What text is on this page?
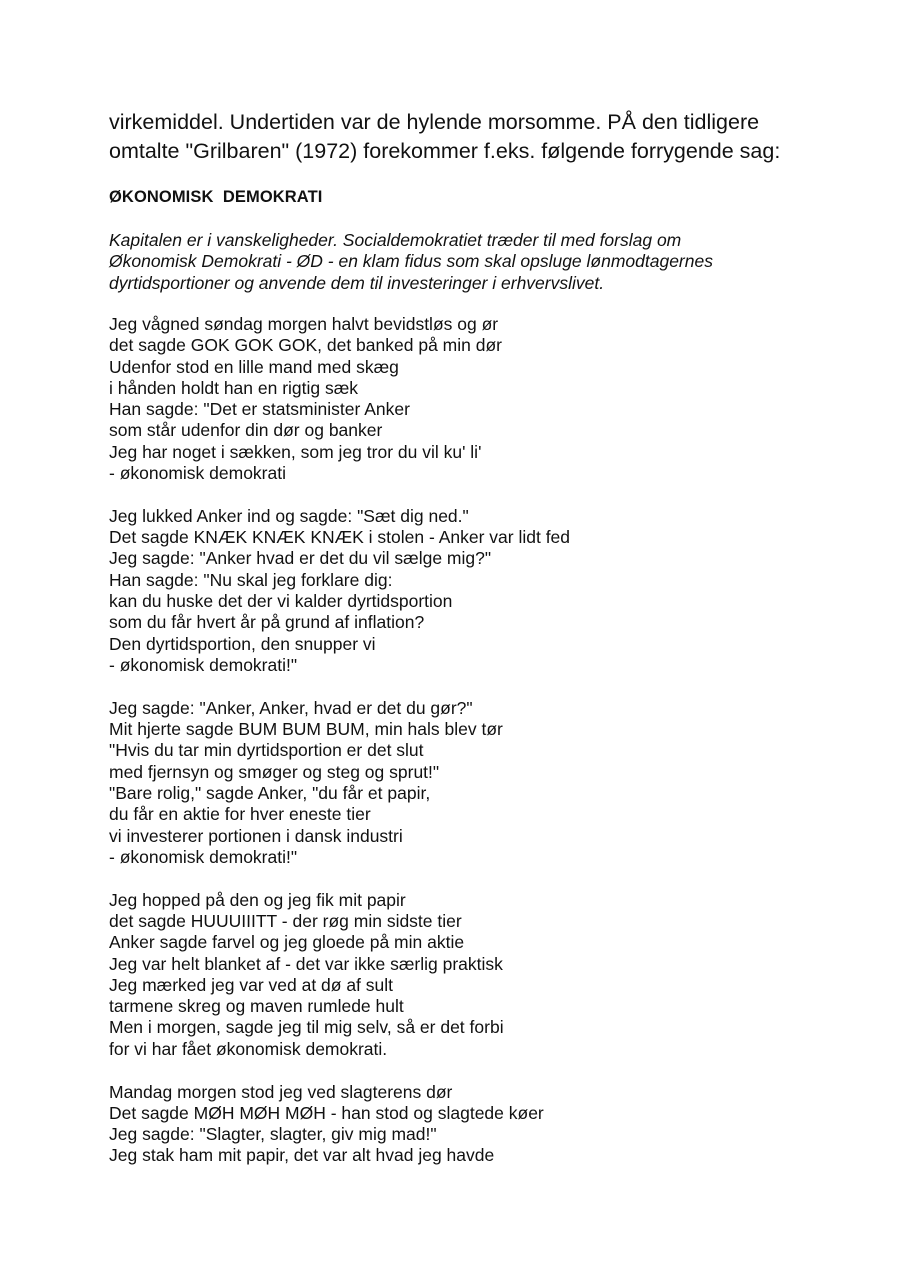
virkemiddel. Undertiden var de hylende morsomme. PÅ den tidligere
omtalte "Grilbaren" (1972) forekommer f.eks. følgende forrygende sag:

ØKONOMISK  DEMOKRATI

Kapitalen er i vanskeligheder. Socialdemokratiet træder til med forslag om
Økonomisk Demokrati - ØD - en klam fidus som skal opsluge lønmodtagernes
dyrtidsportioner og anvende dem til investeringer i erhvervslivet.

Jeg vågned søndag morgen halvt bevidstløs og ør
det sagde GOK GOK GOK, det banked på min dør
Udenfor stod en lille mand med skæg
i hånden holdt han en rigtig sæk
Han sagde: "Det er statsminister Anker
som står udenfor din dør og banker
Jeg har noget i sækken, som jeg tror du vil ku' li'
- økonomisk demokrati

Jeg lukked Anker ind og sagde: "Sæt dig ned."
Det sagde KNÆK KNÆK KNÆK i stolen - Anker var lidt fed
Jeg sagde: "Anker hvad er det du vil sælge mig?"
Han sagde: "Nu skal jeg forklare dig:
kan du huske det der vi kalder dyrtidsportion
som du får hvert år på grund af inflation?
Den dyrtidsportion, den snupper vi
- økonomisk demokrati!"

Jeg sagde: "Anker, Anker, hvad er det du gør?"
Mit hjerte sagde BUM BUM BUM, min hals blev tør
"Hvis du tar min dyrtidsportion er det slut
med fjernsyn og smøger og steg og sprut!"
"Bare rolig," sagde Anker, "du får et papir,
du får en aktie for hver eneste tier
vi investerer portionen i dansk industri
- økonomisk demokrati!"

Jeg hopped på den og jeg fik mit papir
det sagde HUUUIIITT - der røg min sidste tier
Anker sagde farvel og jeg gloede på min aktie
Jeg var helt blanket af - det var ikke særlig praktisk
Jeg mærked jeg var ved at dø af sult
tarmene skreg og maven rumlede hult
Men i morgen, sagde jeg til mig selv, så er det forbi
for vi har fået økonomisk demokrati.

Mandag morgen stod jeg ved slagterens dør
Det sagde MØH MØH MØH - han stod og slagtede køer
Jeg sagde: "Slagter, slagter, giv mig mad!"
Jeg stak ham mit papir, det var alt hvad jeg havde
